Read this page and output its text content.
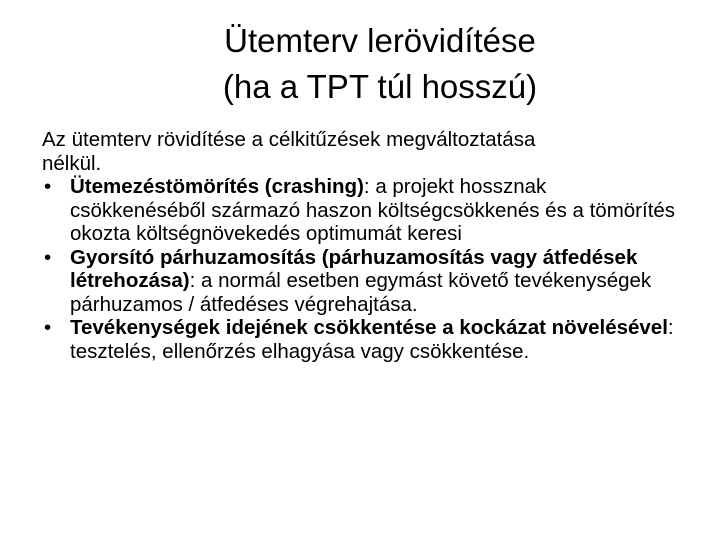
Ütemterv lerövidítése
(ha a TPT túl hosszú)

Az ütemterv rövidítése a célkitűzések megváltoztatása
nélkül.

• Ütemezéstömörítés (crashing): a projekt hossznak csökkenéséből származó haszon költségcsökkenés és a tömörítés okozta költségnövekedés optimumát keresi
• Gyorsító párhuzamosítás (párhuzamosítás vagy átfedések létrehozása): a normál esetben egymást követő tevékenységek párhuzamos / átfedéses végrehajtása.
• Tevékenységek idejének csökkentése a kockázat növelésével: tesztelés, ellenőrzés elhagyása vagy csökkentése.
